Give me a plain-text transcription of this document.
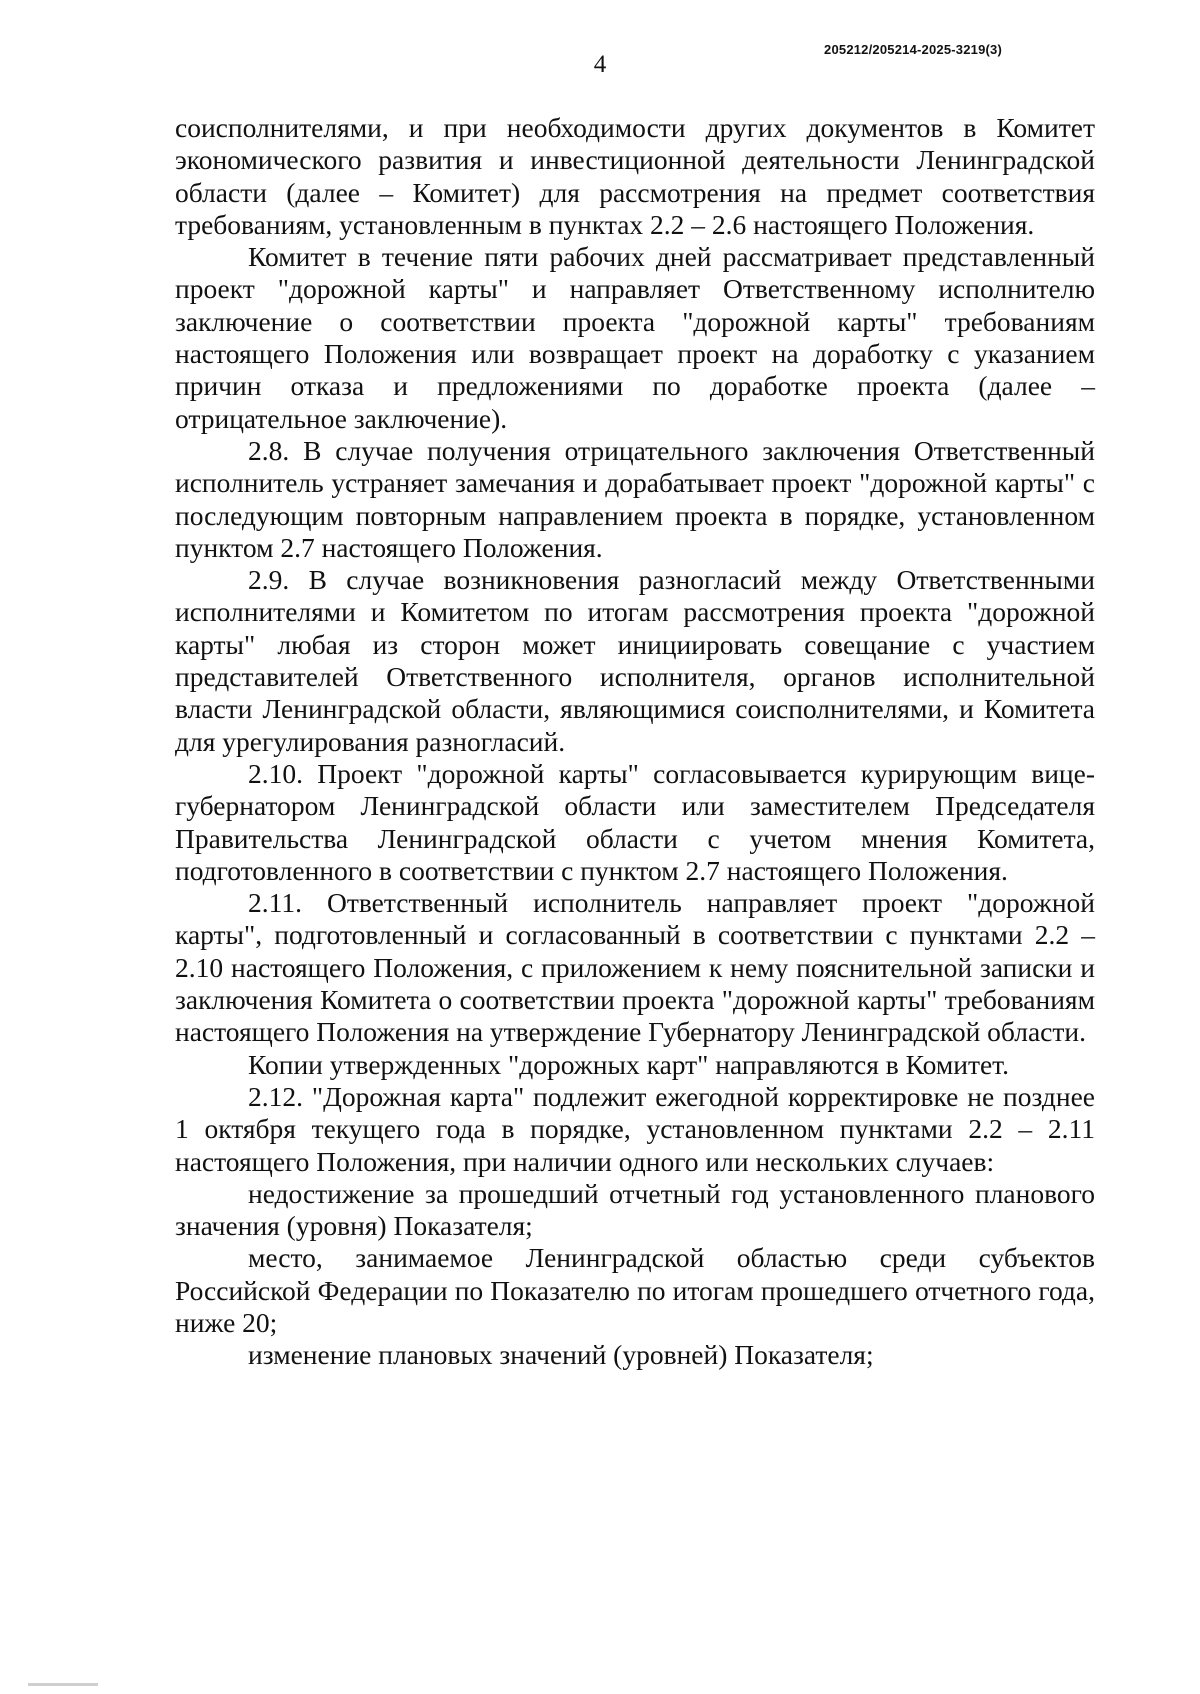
4
205212/205214-2025-3219(3)

соисполнителями, и при необходимости других документов в Комитет экономического развития и инвестиционной деятельности Ленинградской области (далее – Комитет) для рассмотрения на предмет соответствия требованиям, установленным в пунктах 2.2 – 2.6 настоящего Положения.

Комитет в течение пяти рабочих дней рассматривает представленный проект "дорожной карты" и направляет Ответственному исполнителю заключение о соответствии проекта "дорожной карты" требованиям настоящего Положения или возвращает проект на доработку с указанием причин отказа и предложениями по доработке проекта (далее – отрицательное заключение).

2.8. В случае получения отрицательного заключения Ответственный исполнитель устраняет замечания и дорабатывает проект "дорожной карты" с последующим повторным направлением проекта в порядке, установленном пунктом 2.7 настоящего Положения.

2.9. В случае возникновения разногласий между Ответственными исполнителями и Комитетом по итогам рассмотрения проекта "дорожной карты" любая из сторон может инициировать совещание с участием представителей Ответственного исполнителя, органов исполнительной власти Ленинградской области, являющимися соисполнителями, и Комитета для урегулирования разногласий.

2.10. Проект "дорожной карты" согласовывается курирующим вице-губернатором Ленинградской области или заместителем Председателя Правительства Ленинградской области с учетом мнения Комитета, подготовленного в соответствии с пунктом 2.7 настоящего Положения.

2.11. Ответственный исполнитель направляет проект "дорожной карты", подготовленный и согласованный в соответствии с пунктами 2.2 – 2.10 настоящего Положения, с приложением к нему пояснительной записки и заключения Комитета о соответствии проекта "дорожной карты" требованиям настоящего Положения на утверждение Губернатору Ленинградской области.

Копии утвержденных "дорожных карт" направляются в Комитет.

2.12. "Дорожная карта" подлежит ежегодной корректировке не позднее 1 октября текущего года в порядке, установленном пунктами 2.2 – 2.11 настоящего Положения, при наличии одного или нескольких случаев:

недостижение за прошедший отчетный год установленного планового значения (уровня) Показателя;

место, занимаемое Ленинградской областью среди субъектов Российской Федерации по Показателю по итогам прошедшего отчетного года, ниже 20;

изменение плановых значений (уровней) Показателя;
